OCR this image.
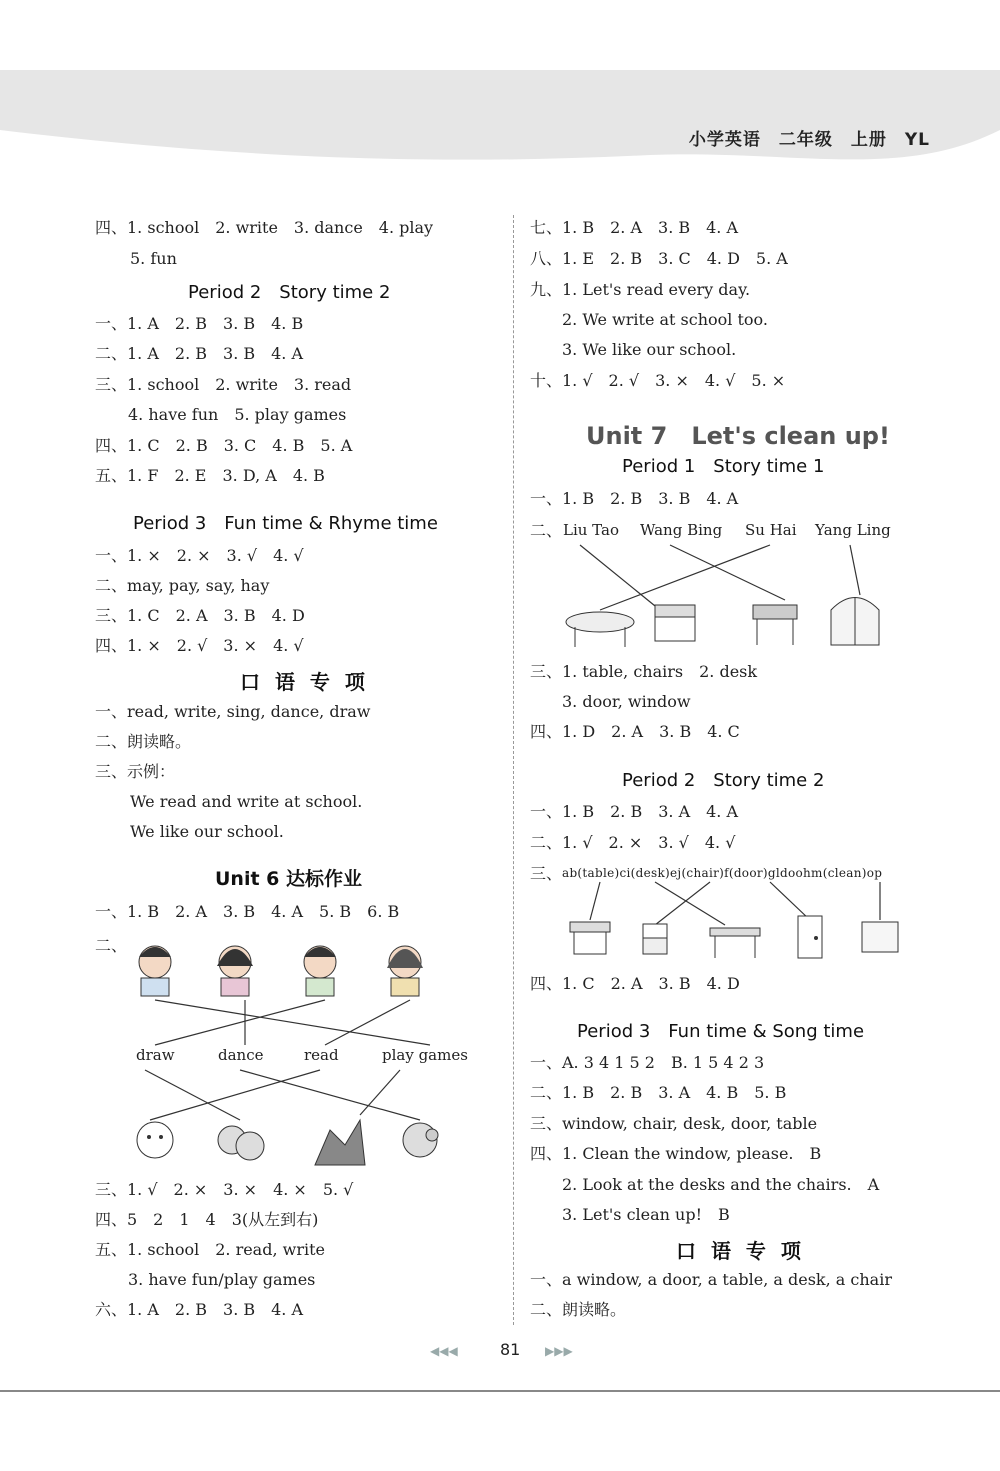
小学英语　二年级　上册　YL
四、1. school　2. write　3. dance　4. play
5. fun
Period 2　Story time 2
一、1. A　2. B　3. B　4. B
二、1. A　2. B　3. B　4. A
三、1. school　2. write　3. read
4. have fun　5. play games
四、1. C　2. B　3. C　4. B　5. A
五、1. F　2. E　3. D, A　4. B
Period 3　Fun time & Rhyme time
一、1. ×　2. ×　3. √　4. √
二、may, pay, say, hay
三、1. C　2. A　3. B　4. D
四、1. ×　2. √　3. ×　4. √
口 语 专 项
一、read, write, sing, dance, draw
二、朗读略。
三、示例：
We read and write at school.
We like our school.
Unit 6 达标作业
一、1. B　2. A　3. B　4. A　5. B　6. B
二、
draw	dance	read	play games
三、1. √　2. ×　3. ×　4. ×　5. √
四、5　2　1　4　3(从左到右)
五、1. school　2. read, write
3. have fun/play games
六、1. A　2. B　3. B　4. A
七、1. B　2. A　3. B　4. A
八、1. E　2. B　3. C　4. D　5. A
九、1. Let's read every day.
2. We write at school too.
3. We like our school.
十、1. √　2. √　3. ×　4. √　5. ×
Unit 7　Let's clean up!
Period 1　Story time 1
一、1. B　2. B　3. B　4. A
二、 Liu Tao Wang Bing Su Hai Yang Ling
三、1. table, chairs　2. desk
3. door, window
四、1. D　2. A　3. B　4. C
Period 2　Story time 2
一、1. B　2. B　3. A　4. A
二、1. √　2. ×　3. √　4. √
三、 ab(table)ci(desk)ej(chair)f(door)gldoohm(clean)op
四、1. C　2. A　3. B　4. D
Period 3　Fun time & Song time
一、A. 3 4 1 5 2　B. 1 5 4 2 3
二、1. B　2. B　3. A　4. B　5. B
三、window, chair, desk, door, table
四、1. Clean the window, please.　B
2. Look at the desks and the chairs.　A
3. Let's clean up!　B
口 语 专 项
一、a window, a door, a table, a desk, a chair
二、朗读略。
◀◀◀	81 ▶▶▶
